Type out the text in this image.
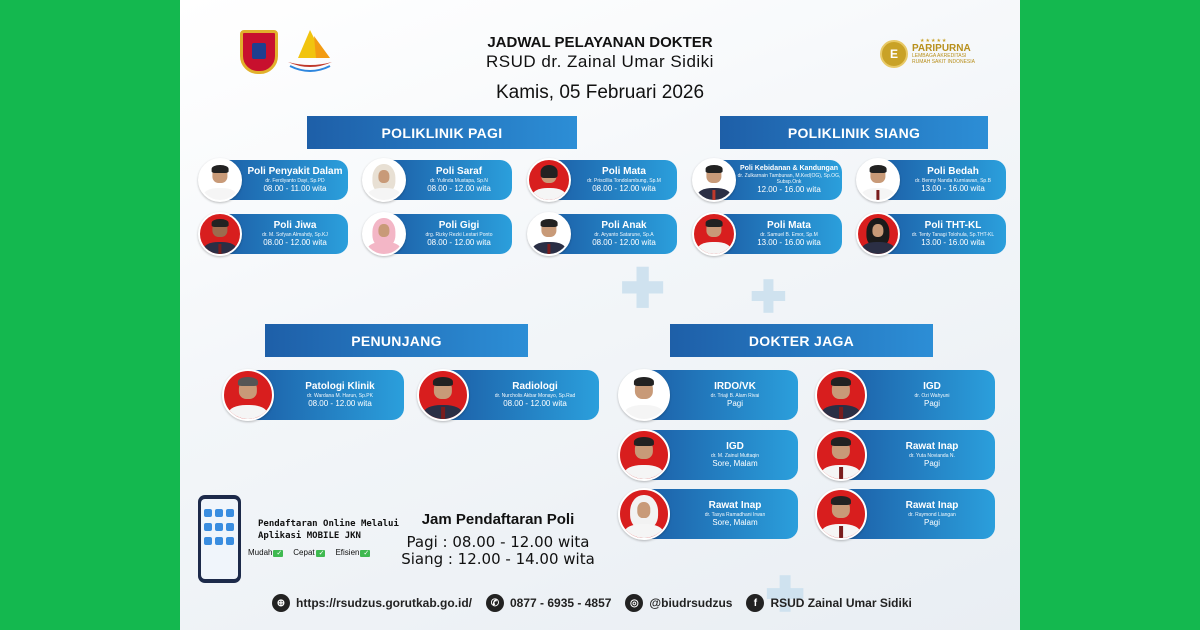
✚ ✚
✚
JADWAL PELAYANAN DOKTER
RSUD dr. Zainal Umar Sidiki
Kamis, 05 Februari 2026
★★★★★
E	PARIPURNA
LEMBAGA AKREDITASI
RUMAH SAKIT INDONESIA
POLIKLINIK PAGI	POLIKLINIK SIANG
PENUNJANG	DOKTER JAGA
Poli Penyakit Dalam
dr. Ferdiyanto Dayi, Sp.PD
08.00 - 11.00 wita
Poli Saraf
dr. Yulinda Mustapa, Sp.N
08.00 - 12.00 wita
Poli Mata
dr. Priscillia Tondolambung, Sp.M
08.00 - 12.00 wita
Poli Jiwa
dr. M. Sofyan Almahdy, Sp.KJ
08.00 - 12.00 wita
Poli Gigi
drg. Rizky Rezki Lestari Ponto
08.00 - 12.00 wita
Poli Anak
dr. Aryanto Satarune, Sp.A
08.00 - 12.00 wita
Poli Kebidanan & Kandungan
dr. Zulkarnain Tambunan, M.Ked(OG), Sp.OG, Subsp.Onk
12.00 - 16.00 wita
Poli Bedah
dr. Benny Nanda Kurniawan, Sp.B
13.00 - 16.00 wita
Poli Mata
dr. Samuel B. Emor, Sp.M
13.00 - 16.00 wita
Poli THT-KL
dr. Tenty Tanagi Tolohula, Sp.THT-KL
13.00 - 16.00 wita
Patologi Klinik
dr. Wardana M. Harun, Sp.PK
08.00 - 12.00 wita
Radiologi
dr. Nurcholis Akbar Monayo, Sp.Rad
08.00 - 12.00 wita
IRDO/VK
dr. Triaji B. Alam Rivai
Pagi
IGD
dr. Ozi Wahyuni
Pagi
IGD
dr. M. Zainul Muttaqin
Sore, Malam
Rawat Inap
dr. Yuta Novianda N.
Pagi
Rawat Inap
dr. Tasya Ramadhani Irwan
Sore, Malam
Rawat Inap
dr. Raymond Liangan
Pagi
Pendaftaran Online Melalui
Aplikasi MOBILE JKN
Mudah ✓	Cepat ✓	Efisien ✓
Jam Pendaftaran Poli
Pagi : 08.00 - 12.00 wita
Siang : 12.00 - 14.00 wita
⊕ https://rsudzus.gorutkab.go.id/	✆ 0877 - 6935 - 4857	◎ @biudrsudzus	f	RSUD Zainal Umar Sidiki
